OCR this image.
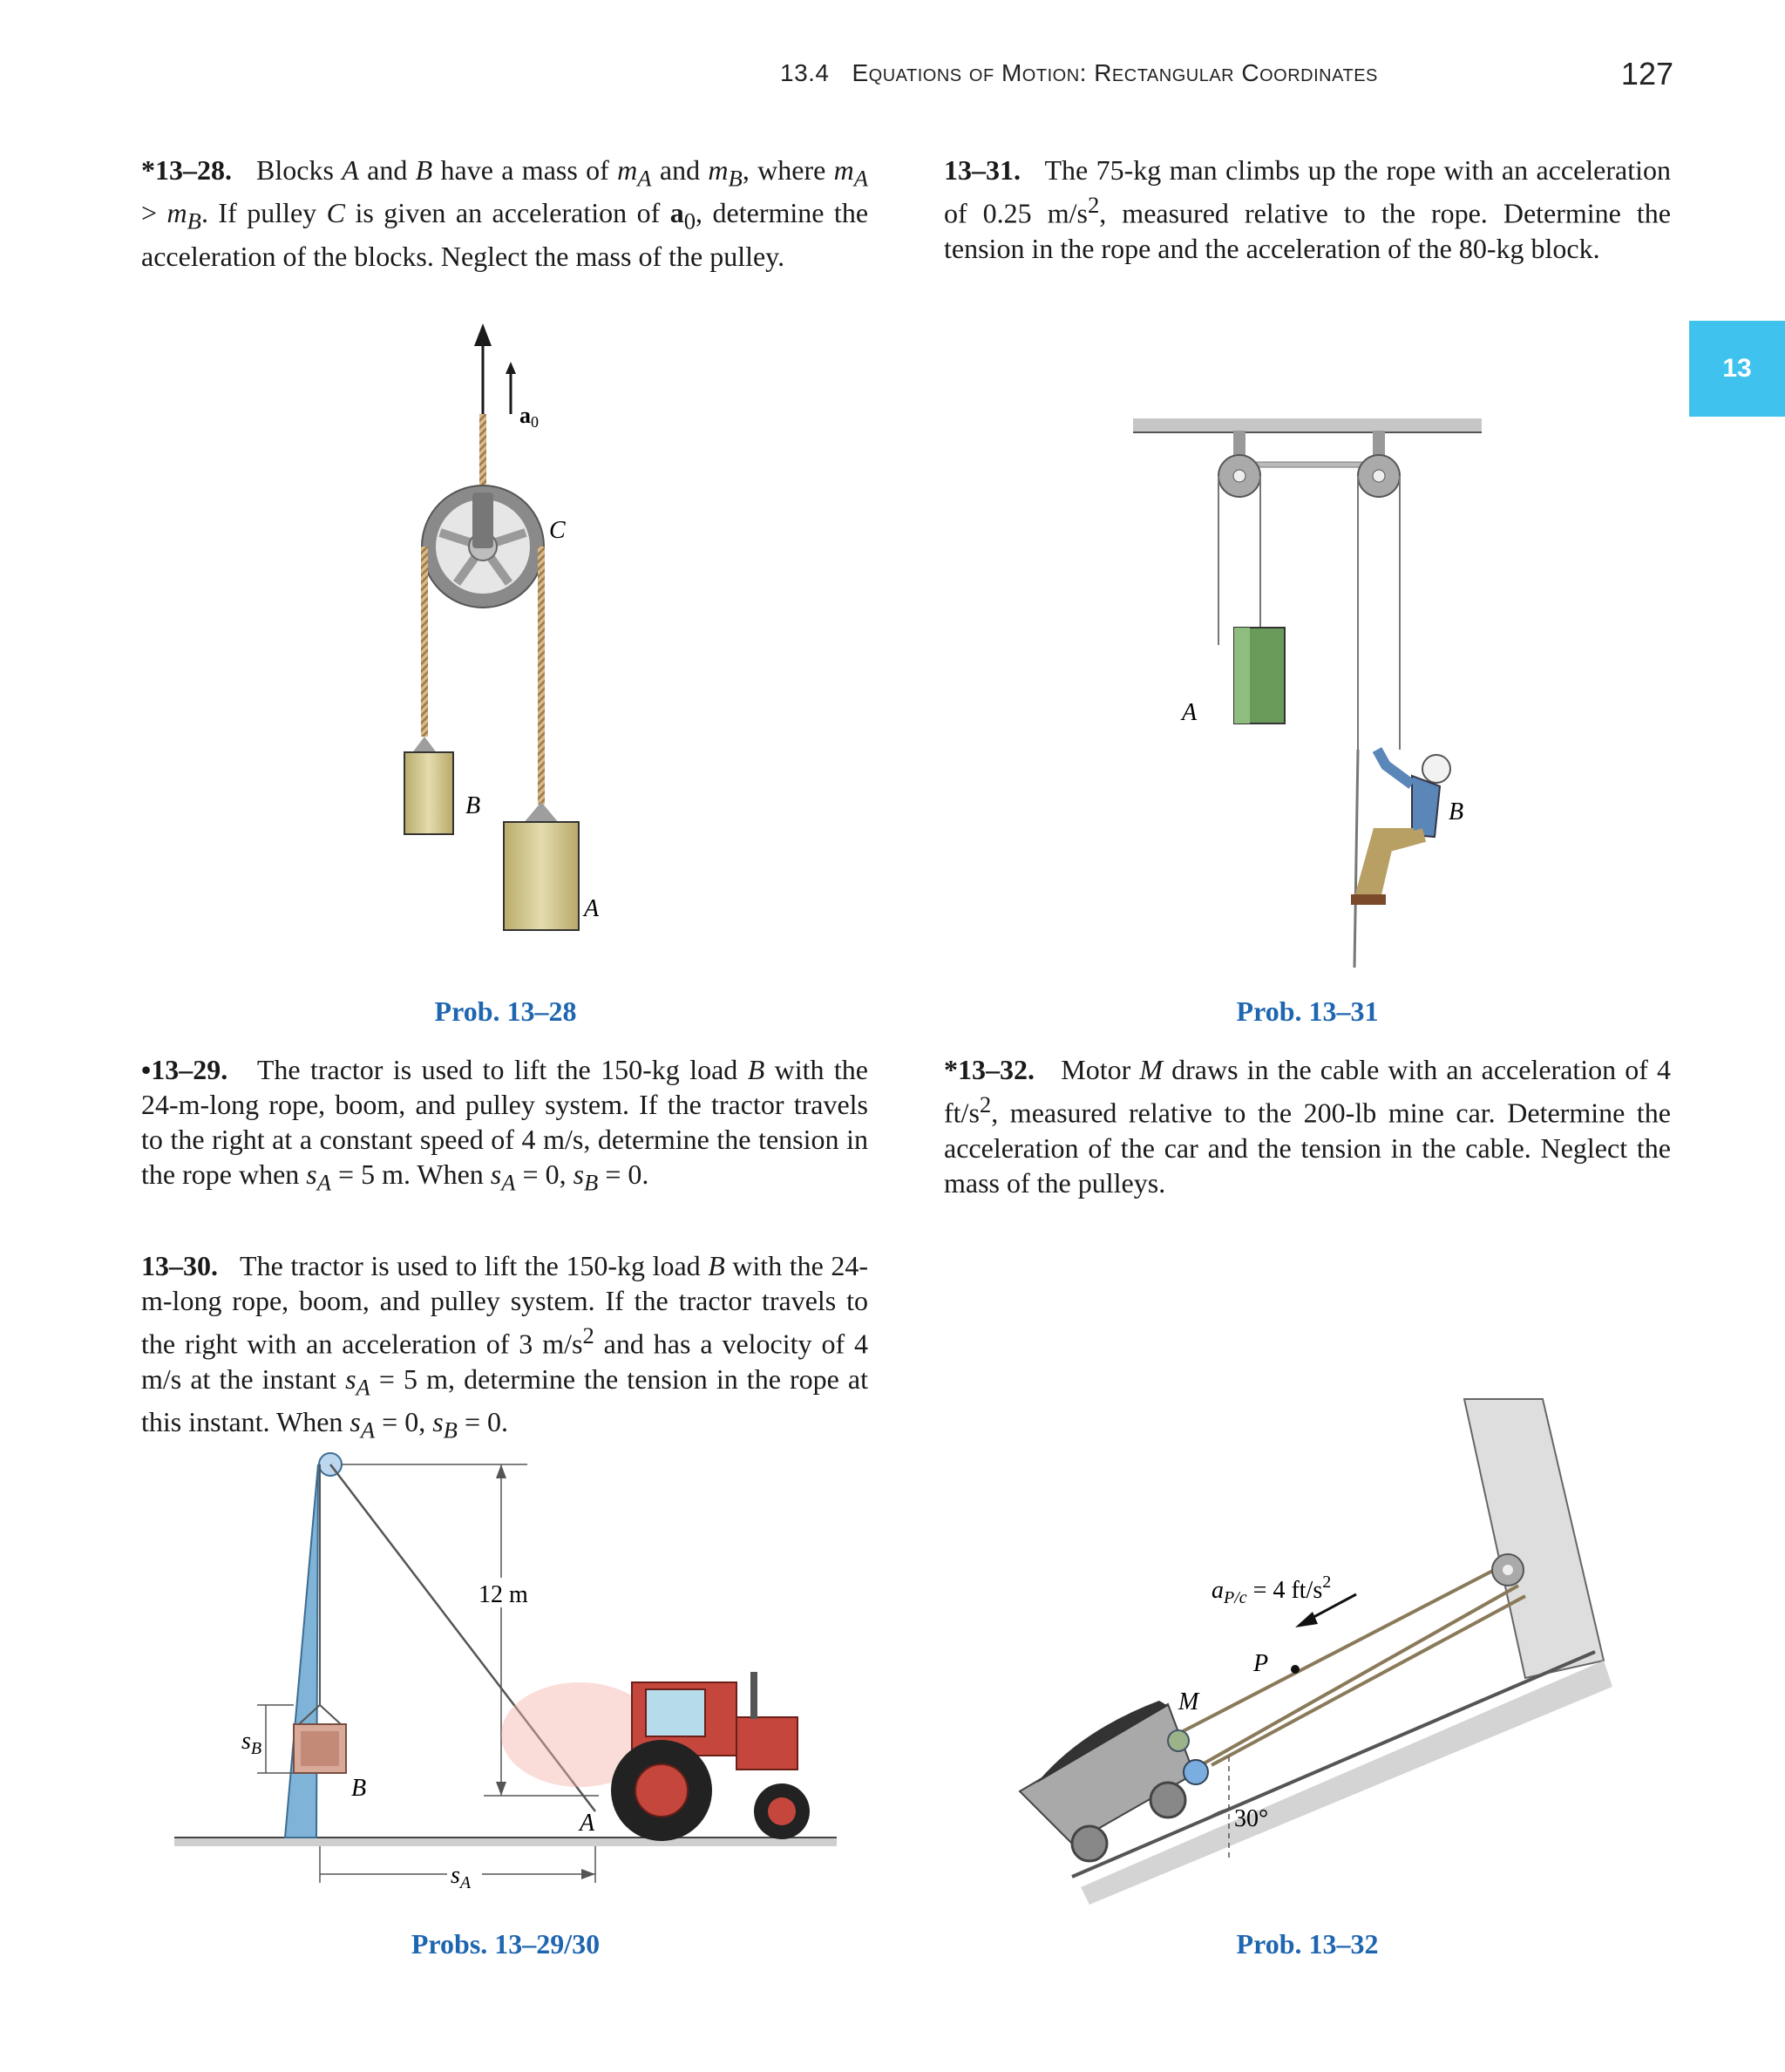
13.4 Equations of Motion: Rectangular Coordinates	127
13

*13–28. Blocks A and B have a mass of $m_A$ and $m_B$, where $m_A > m_B$. If pulley C is given an acceleration of $a_0$, determine the acceleration of the blocks. Neglect the mass of the pulley.

13–31. The 75-kg man climbs up the rope with an acceleration of 0.25 $m/s^2$, measured relative to the rope. Determine the tension in the rope and the acceleration of the 80-kg block.

a0
C
B
A
Prob. 13–28
A
B
Prob. 13–31

•13–29. The tractor is used to lift the 150-kg load B with the 24-m-long rope, boom, and pulley system. If the tractor travels to the right at a constant speed of 4 m/s, determine the tension in the rope when $s_A = 5$ m. When $s_A = 0$, $s_B = 0$.

*13–32. Motor M draws in the cable with an acceleration of 4 $ft/s^2$, measured relative to the 200-lb mine car. Determine the acceleration of the car and the tension in the cable. Neglect the mass of the pulleys.

13–30. The tractor is used to lift the 150-kg load B with the 24-m-long rope, boom, and pulley system. If the tractor travels to the right with an acceleration of 3 $m/s^2$ and has a velocity of 4 m/s at the instant $s_A = 5$ m, determine the tension in the rope at this instant. When $s_A = 0$, $s_B = 0$.

B
$s_B$
12 m
A
$s_A$
Probs. 13–29/30
M
P
$a_{P/c} = 4$ $ft/s^2$
30°
Prob. 13–32
